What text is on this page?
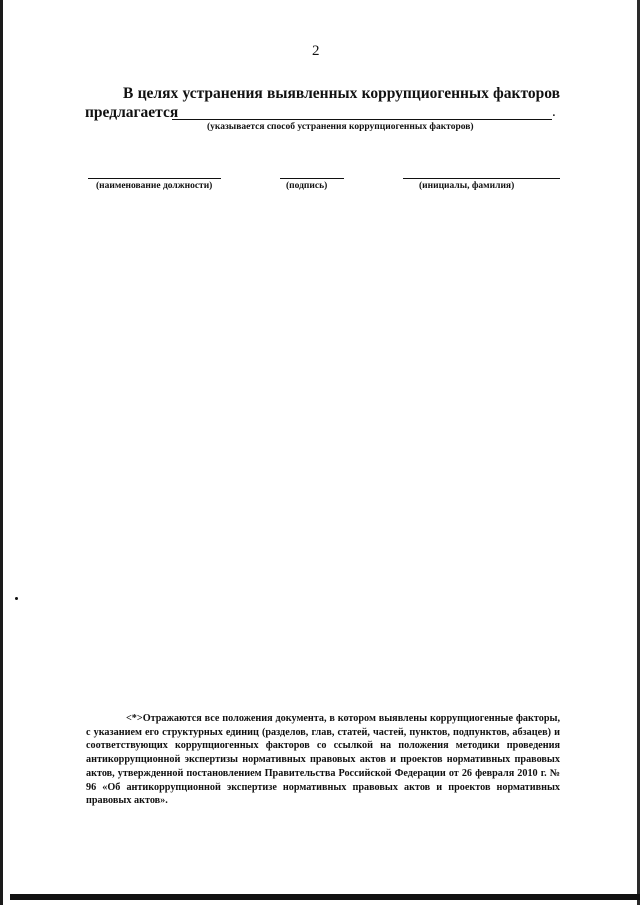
2
В целях устранения выявленных коррупциогенных факторов
предлагается	.
(указывается способ устранения коррупциогенных факторов)
(наименование должности)	(подпись)	(инициалы, фамилия)
<*>Отражаются все положения документа, в котором выявлены коррупциогенные факторы, с указанием его структурных единиц (разделов, глав, статей, частей, пунктов, подпунктов, абзацев) и соответствующих коррупциогенных факторов со ссылкой на положения методики проведения антикоррупционной экспертизы нормативных правовых актов и проектов нормативных правовых актов, утвержденной постановлением Правительства Российской Федерации от 26 февраля 2010 г. № 96 «Об антикоррупционной экспертизе нормативных правовых актов и проектов нормативных правовых актов».
